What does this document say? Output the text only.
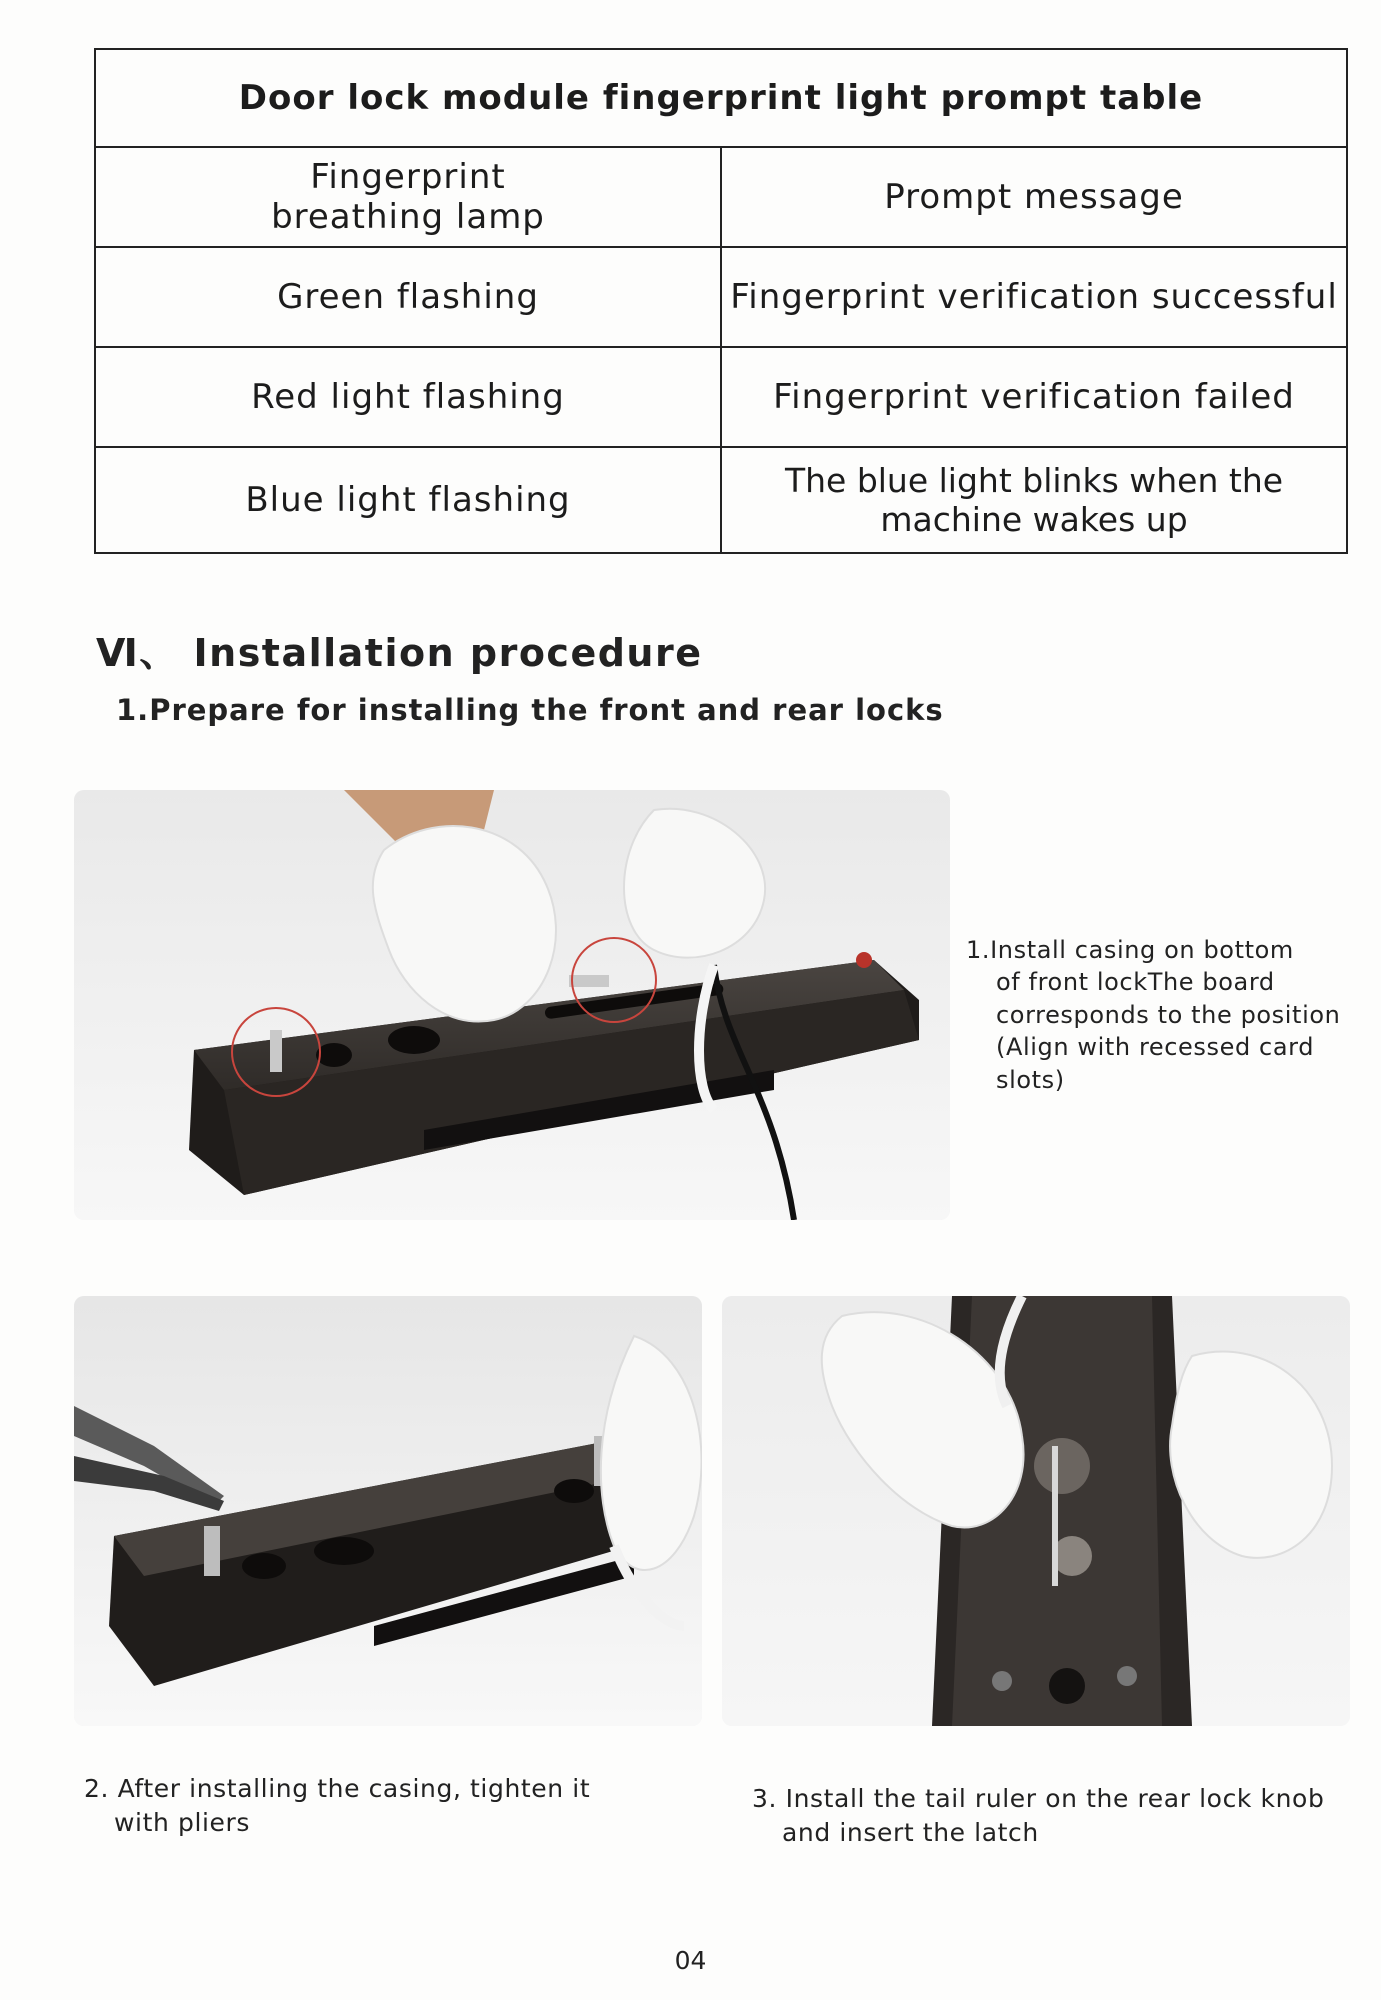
Door lock module fingerprint light prompt table	

Fingerprint
breathing lamp	Prompt message
Green flashing	Fingerprint verification successful
Red light flashing	Fingerprint verification failed
Blue light flashing	The blue light blinks when the machine wakes up
Ⅵ、 Installation procedure
1.Prepare for installing the front and rear locks

1.Install casing on bottom
of front lockThe board
corresponds to the position
(Align with recessed card
slots)

2. After installing the casing, tighten it
with pliers

3. Install the tail ruler on the rear lock knob
and insert the latch

04
